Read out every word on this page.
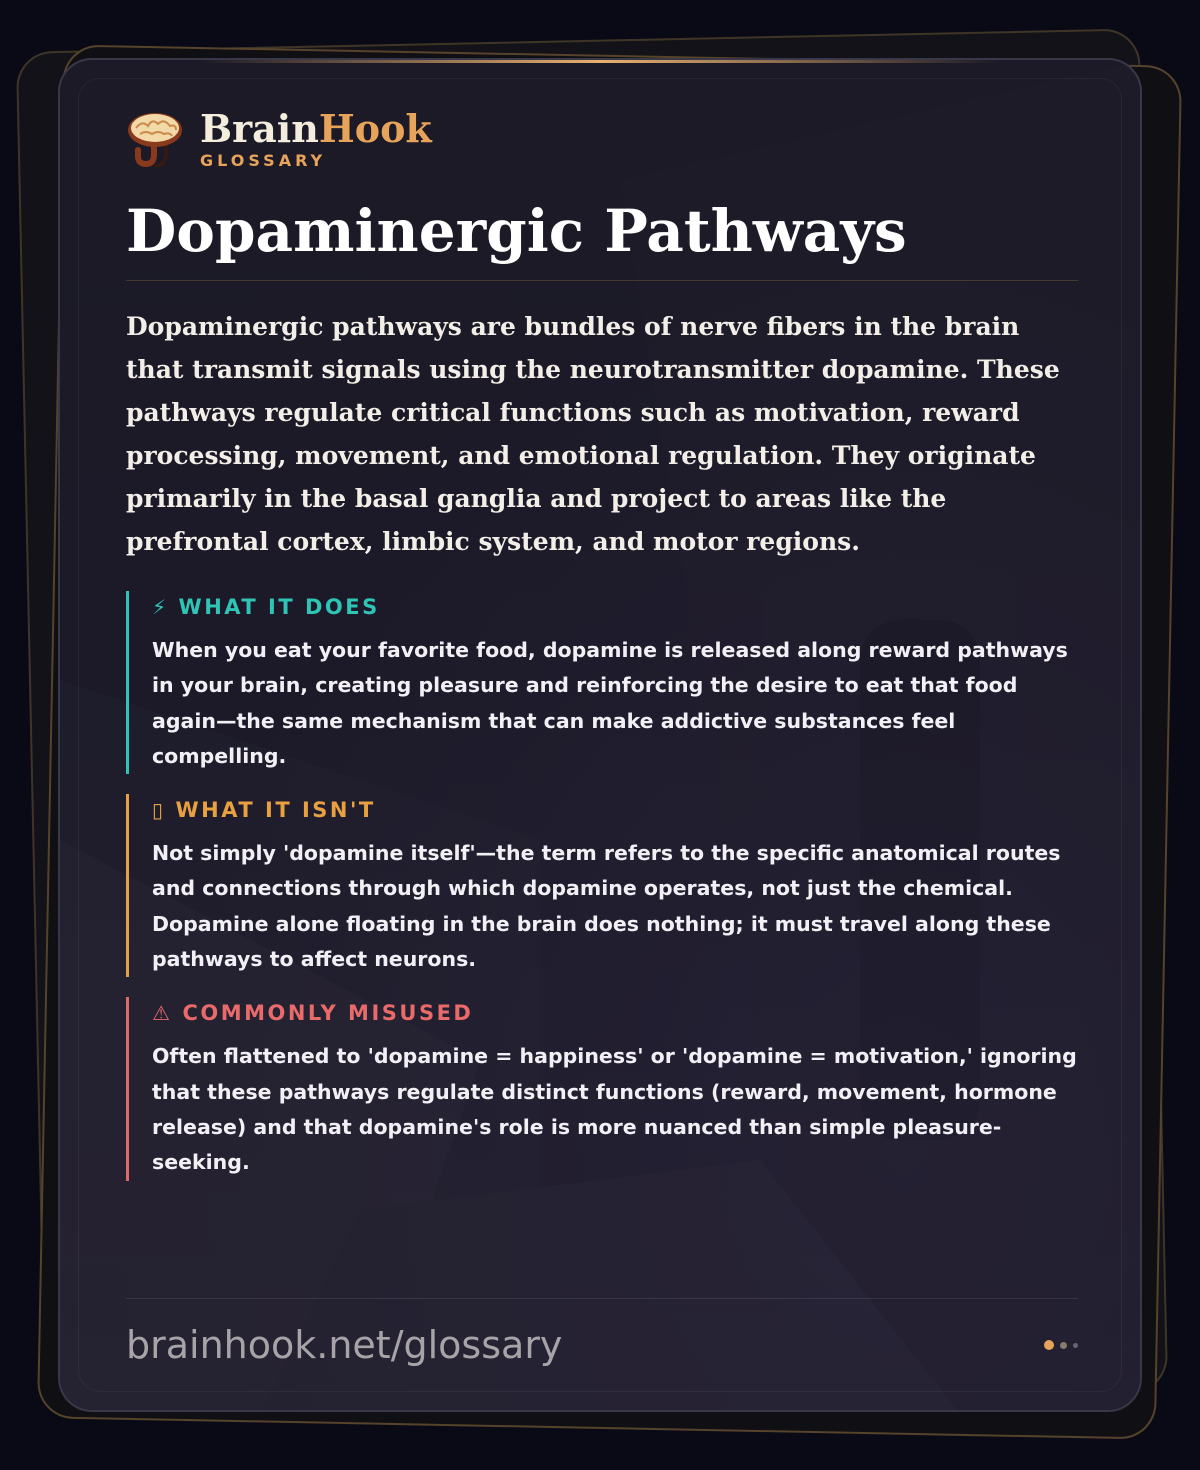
BrainHook
GLOSSARY
Dopaminergic Pathways

Dopaminergic pathways are bundles of nerve fibers in the brain that transmit signals using the neurotransmitter dopamine. These pathways regulate critical functions such as motivation, reward processing, movement, and emotional regulation. They originate primarily in the basal ganglia and project to areas like the prefrontal cortex, limbic system, and motor regions.

⚡ WHAT IT DOES
When you eat your favorite food, dopamine is released along reward pathways in your brain, creating pleasure and reinforcing the desire to eat that food again—the same mechanism that can make addictive substances feel compelling.
▯ WHAT IT ISN'T
Not simply 'dopamine itself'—the term refers to the specific anatomical routes and connections through which dopamine operates, not just the chemical. Dopamine alone floating in the brain does nothing; it must travel along these pathways to affect neurons.
⚠ COMMONLY MISUSED
Often flattened to 'dopamine = happiness' or 'dopamine = motivation,' ignoring that these pathways regulate distinct functions (reward, movement, hormone release) and that dopamine's role is more nuanced than simple pleasure-seeking.
brainhook.net/glossary
